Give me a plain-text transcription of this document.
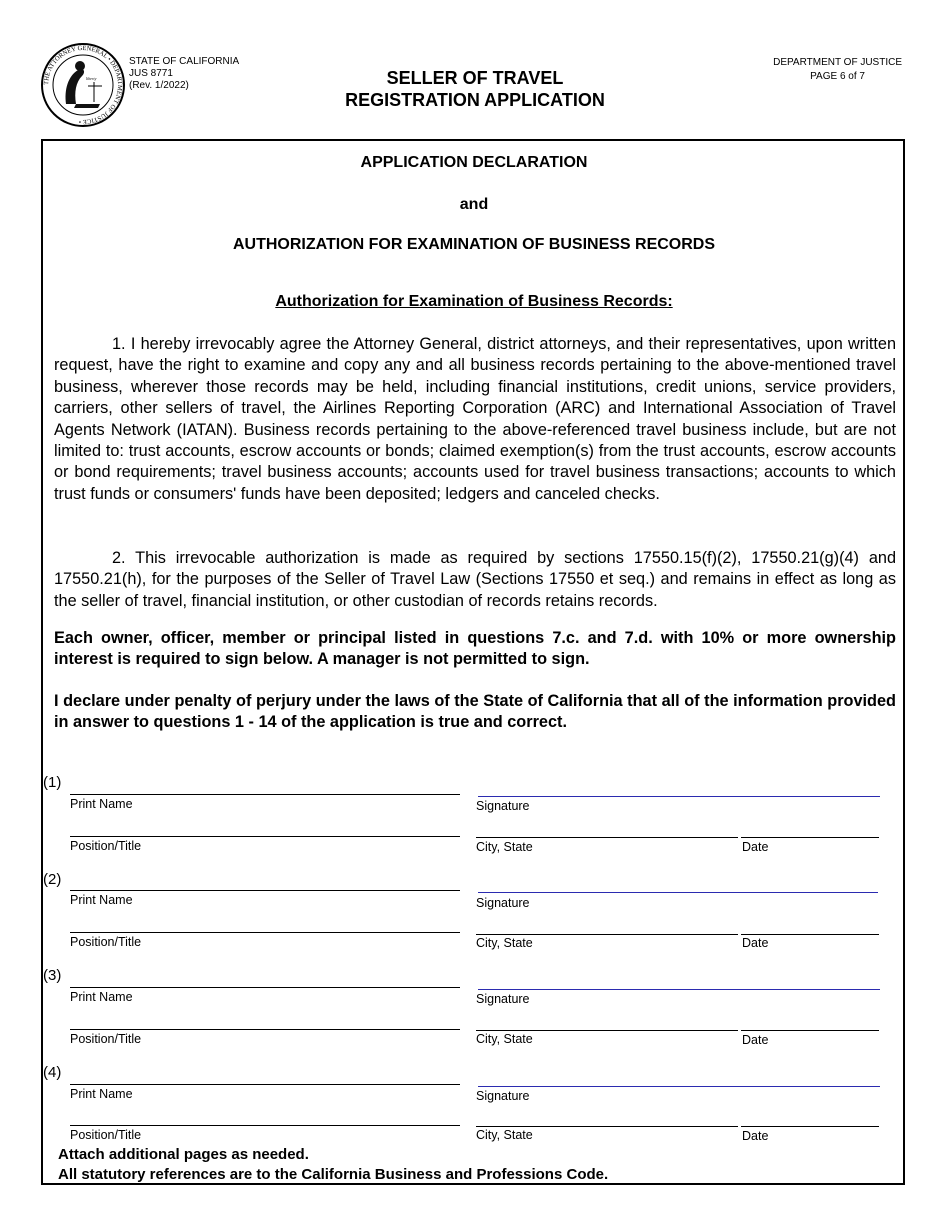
THE ATTORNEY GENERAL • DEPARTMENT OF JUSTICE •
liberty
STATE OF CALIFORNIA
JUS 8771
(Rev. 1/2022)	SELLER OF TRAVEL
REGISTRATION APPLICATION
DEPARTMENT OF JUSTICE
PAGE 6 of 7
APPLICATION DECLARATION
and
AUTHORIZATION FOR EXAMINATION OF BUSINESS RECORDS
Authorization for Examination of Business Records:
1. I hereby irrevocably agree the Attorney General, district attorneys, and their representatives, upon written request, have the right to examine and copy any and all business records pertaining to the above-mentioned travel business, wherever those records may be held, including financial institutions, credit unions, service providers, carriers, other sellers of travel, the Airlines Reporting Corporation (ARC) and International Association of Travel Agents Network (IATAN). Business records pertaining to the above-referenced travel business include, but are not limited to: trust accounts, escrow accounts or bonds; claimed exemption(s) from the trust accounts, escrow accounts or bond requirements; travel business accounts; accounts used for travel business transactions; accounts to which trust funds or consumers' funds have been deposited; ledgers and canceled checks.
2. This irrevocable authorization is made as required by sections 17550.15(f)(2), 17550.21(g)(4) and 17550.21(h), for the purposes of the Seller of Travel Law (Sections 17550 et seq.) and remains in effect as long as the seller of travel, financial institution, or other custodian of records retains records.
Each owner, officer, member or principal listed in questions 7.c. and 7.d. with 10% or more ownership interest is required to sign below. A manager is not permitted to sign.
I declare under penalty of perjury under the laws of the State of California that all of the information provided in answer to questions 1 - 14 of the application is true and correct.
(1)
Print Name	Signature
Position/Title	City, State	Date
(2)
Print Name	Signature
Position/Title	City, State	Date
(3)
Print Name	Signature
Position/Title	City, State	Date
(4)
Print Name	Signature
Position/Title	City, State	Date
Attach additional pages as needed.
All statutory references are to the California Business and Professions Code.
